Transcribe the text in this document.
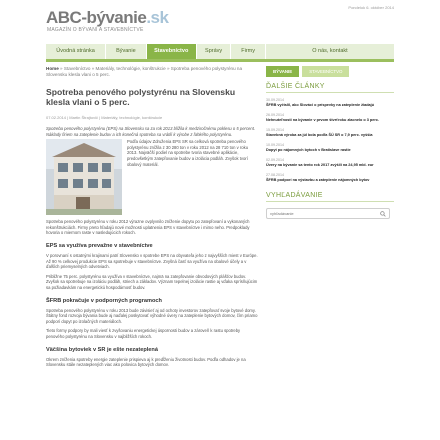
ABC-bývanie.sk
MAGAZÍN O BÝVANÍ A STAVEBNÍCTVE
Pondelok 6. október 2014
Úvodná stránka	Bývanie	Stavebníctvo	Správy	Firmy	O nás, kontakt
Home » Stavebníctvo » Materiály, technológie, konštrukcie » Spotreba penového polystyrénu na Slovensku klesla vlani o 5 perc.
Spotreba penového polystyrénu na Slovensku klesla vlani o 5 perc.
07.02.2014 | Martin Štrajtovič | Materiály, technológie, konštrukcie
Spotreba penového polystyrénu (EPS) na Slovensku sa za rok 2013 blížila k medziročnému poklesu o 5 percent. Náklady firiem na zateplenie budov a ich konečná spotreba sa vrátili k výrobe z ľahkého polystyrénu.
Podľa údajov Združenia EPS SR sa celková spotreba penového polystyrénu znížila z 30 280 ton v roku 2012 na 28 710 ton v roku 2013. Najväčší podiel na spotrebe tvoria stavebné aplikácie, predovšetkým zatepľovanie budov a izolácia podláh. Zvyšok tvorí obalový materiál.
Spotreba penového polystyrénu v roku 2012 výrazne ovplyvnilo zníženie dopytu po zatepľovaní a vykonaných rekonštrukciách. Firmy preto hľadajú nové možnosti uplatnenia EPS v stavebníctve i mimo neho. Predpoklady hovoria o miernom raste v nasledujúcich rokoch.
EPS sa využíva prevažne v stavebníctve
V porovnaní s ostatnými krajinami patrí Slovensko v spotrebe EPS na obyvateľa jeho z najvyšších miest v Európe. Až 90 % celkovej produkcie EPS sa spotrebuje v stavebníctve. Zvyšná časť sa využíva na obalové účely a v ďalších priemyselných odvetviach.
Približne 75 perc. polystyrénu sa využíva v stavebníctve, najmä na zatepľovanie obvodových plášťov budov. Zvyšok sa spotrebuje na izoláciu podláh, striech a základov. Význam tepelnej izolácie rastie aj vďaka sprísňujúcim sa požiadavkám na energetickú hospodárnosť budov.
ŠFRB pokračuje v podporných programoch
Spotreba penového polystyrénu v roku 2013 bude závisieť aj od ochoty investorov zatepľovať svoje bytové domy. Štátny fond rozvoja bývania bude aj naďalej poskytovať výhodné úvery na zateplenie bytových domov, čím priamo podporí dopyt po izolačných materiáloch.
Tieto formy podpory by mali viesť k zvyšovaniu energetickej úspornosti budov a zároveň k rastu spotreby penového polystyrénu na Slovensku v najbližších rokoch.
Väčšina bytoviek v SR je ešte nezateplená
Okrem zníženia spotreby energie zateplenie prispieva aj k predĺženiu životnosti budov. Podľa odhadov je na Slovensku stále nezateplených viac ako polovica bytových domov.
BÝVANIE	STAVEBNÍCTVO
ĎALŠIE ČLÁNKY
30.09.2014
ŠFRB vyčíslil, ako Slováci o príspevky na zateplenie žiadajú
26.09.2014
Nehnuteľnosti na bývanie v prvom štvrťroku zlacnelo o 3 perc.
15.09.2014
Stavebná výroba za júl bola podľa ŠÚ SR o 7,9 perc. vyššia
10.09.2014
Dopyt po nájomných bytoch v Bratislave rastie
02.09.2014
Úvery na bývanie sa tento rok 2017 zvýšili na 24,95 mld. eur
27.08.2014
ŠFRB podporí na výstavbu a zateplenie nájomných bytov
VYHĽADÁVANIE
vyhľadávanie
